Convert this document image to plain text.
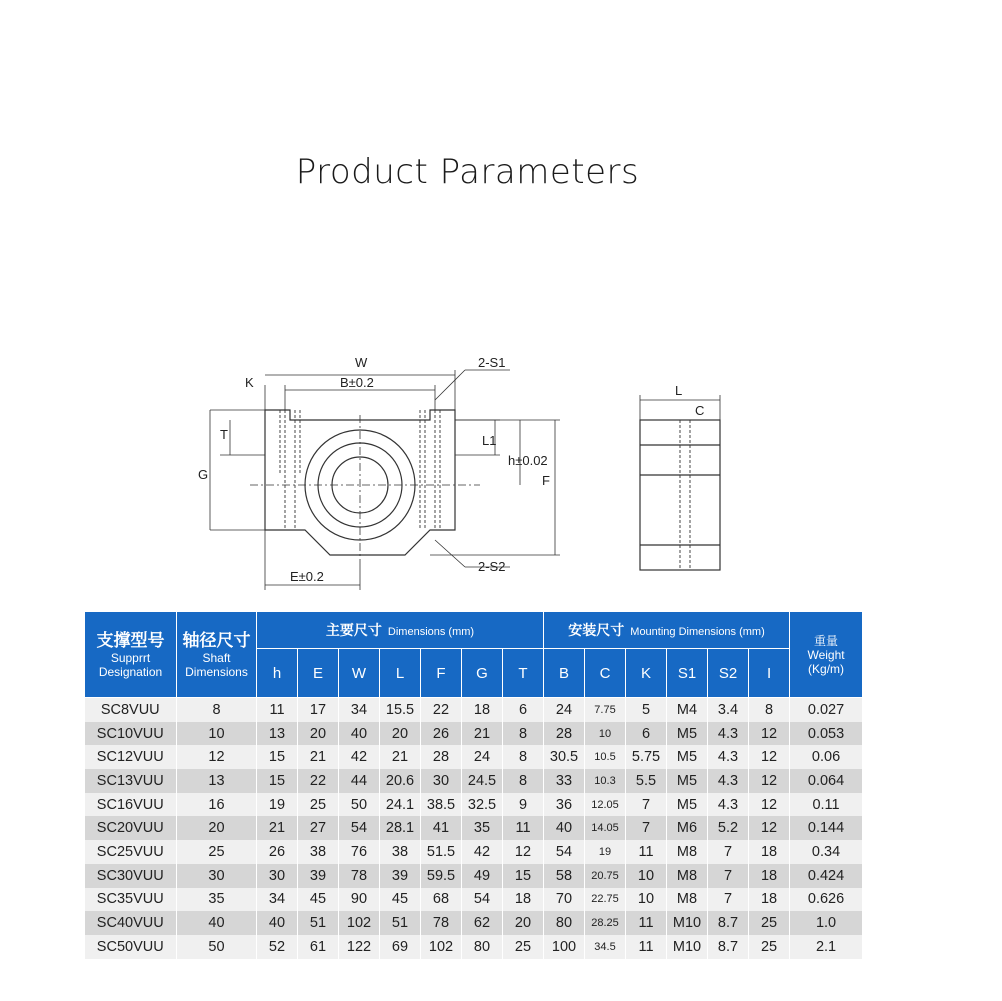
Product Parameters
W
K	B±0.2
2-S1
T
G
L1
h±0.02
F
E±0.2
2-S2
L
C
支撑型号
Supprrt
Designation	轴径尺寸
Shaft
Dimensions	主要尺寸 Dimensions (mm)							安装尺寸 Mounting Dimensions (mm)						重量
Weight
(Kg/m)

		h	E	W	L	F	G	T	B	C	K	S1	S2	I	
SC8VUU	8	11	17	34	15.5	22	18	6	24	7.75	5	M4	3.4	8	0.027
SC10VUU	10	13	20	40	20	26	21	8	28	10	6	M5	4.3	12	0.053
SC12VUU	12	15	21	42	21	28	24	8	30.5	10.5	5.75	M5	4.3	12	0.06
SC13VUU	13	15	22	44	20.6	30	24.5	8	33	10.3	5.5	M5	4.3	12	0.064
SC16VUU	16	19	25	50	24.1	38.5	32.5	9	36	12.05	7	M5	4.3	12	0.11
SC20VUU	20	21	27	54	28.1	41	35	11	40	14.05	7	M6	5.2	12	0.144
SC25VUU	25	26	38	76	38	51.5	42	12	54	19	11	M8	7	18	0.34
SC30VUU	30	30	39	78	39	59.5	49	15	58	20.75	10	M8	7	18	0.424
SC35VUU	35	34	45	90	45	68	54	18	70	22.75	10	M8	7	18	0.626
SC40VUU	40	40	51	102	51	78	62	20	80	28.25	11	M10	8.7	25	1.0
SC50VUU	50	52	61	122	69	102	80	25	100	34.5	11	M10	8.7	25	2.1
